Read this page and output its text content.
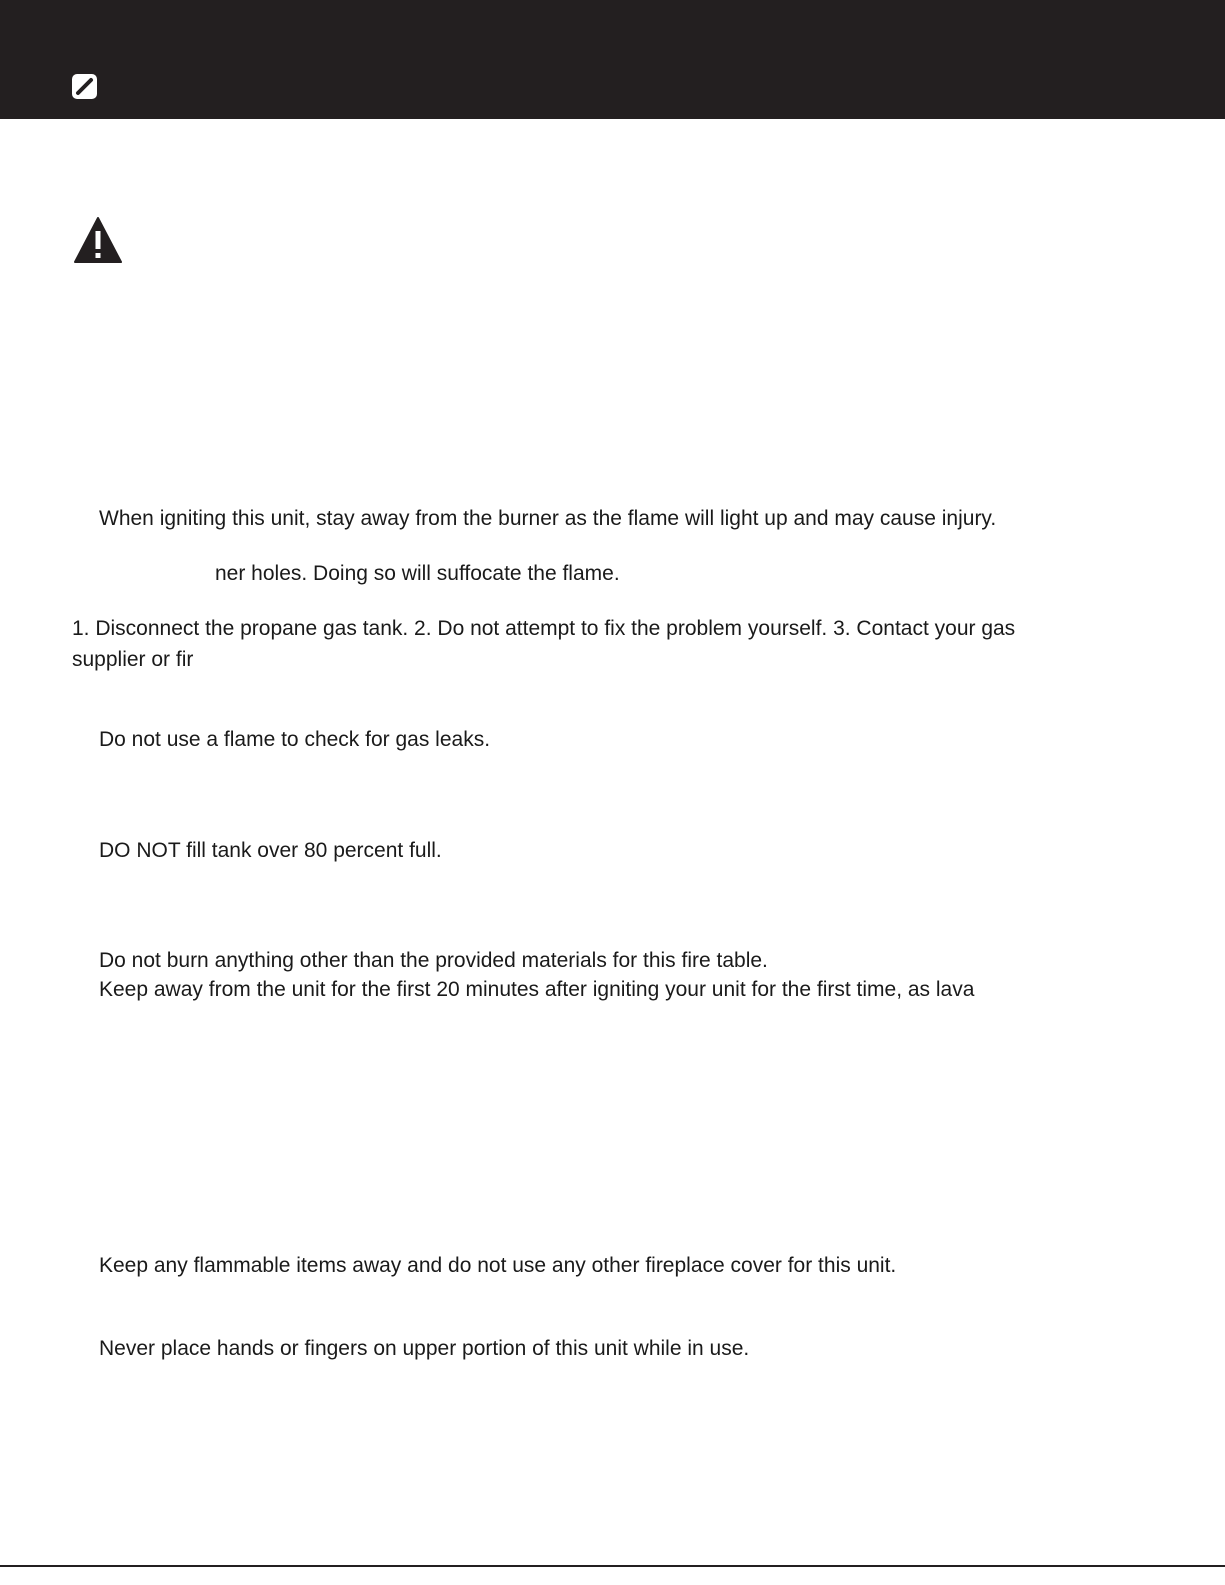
When igniting this unit, stay away from the burner as the flame will light up and may cause injury.

ner holes. Doing so will suffocate the flame.

1. Disconnect the propane gas tank. 2. Do not attempt to fix the problem yourself. 3. Contact your gas

supplier or fir

Do not use a flame to check for gas leaks.

DO NOT fill tank over 80 percent full.

Do not burn anything other than the provided materials for this fire table.

Keep away from the unit for the first 20 minutes after igniting your unit for the first time, as lava

Keep any flammable items away and do not use any other fireplace cover for this unit.

Never place hands or fingers on upper portion of this unit while in use.
